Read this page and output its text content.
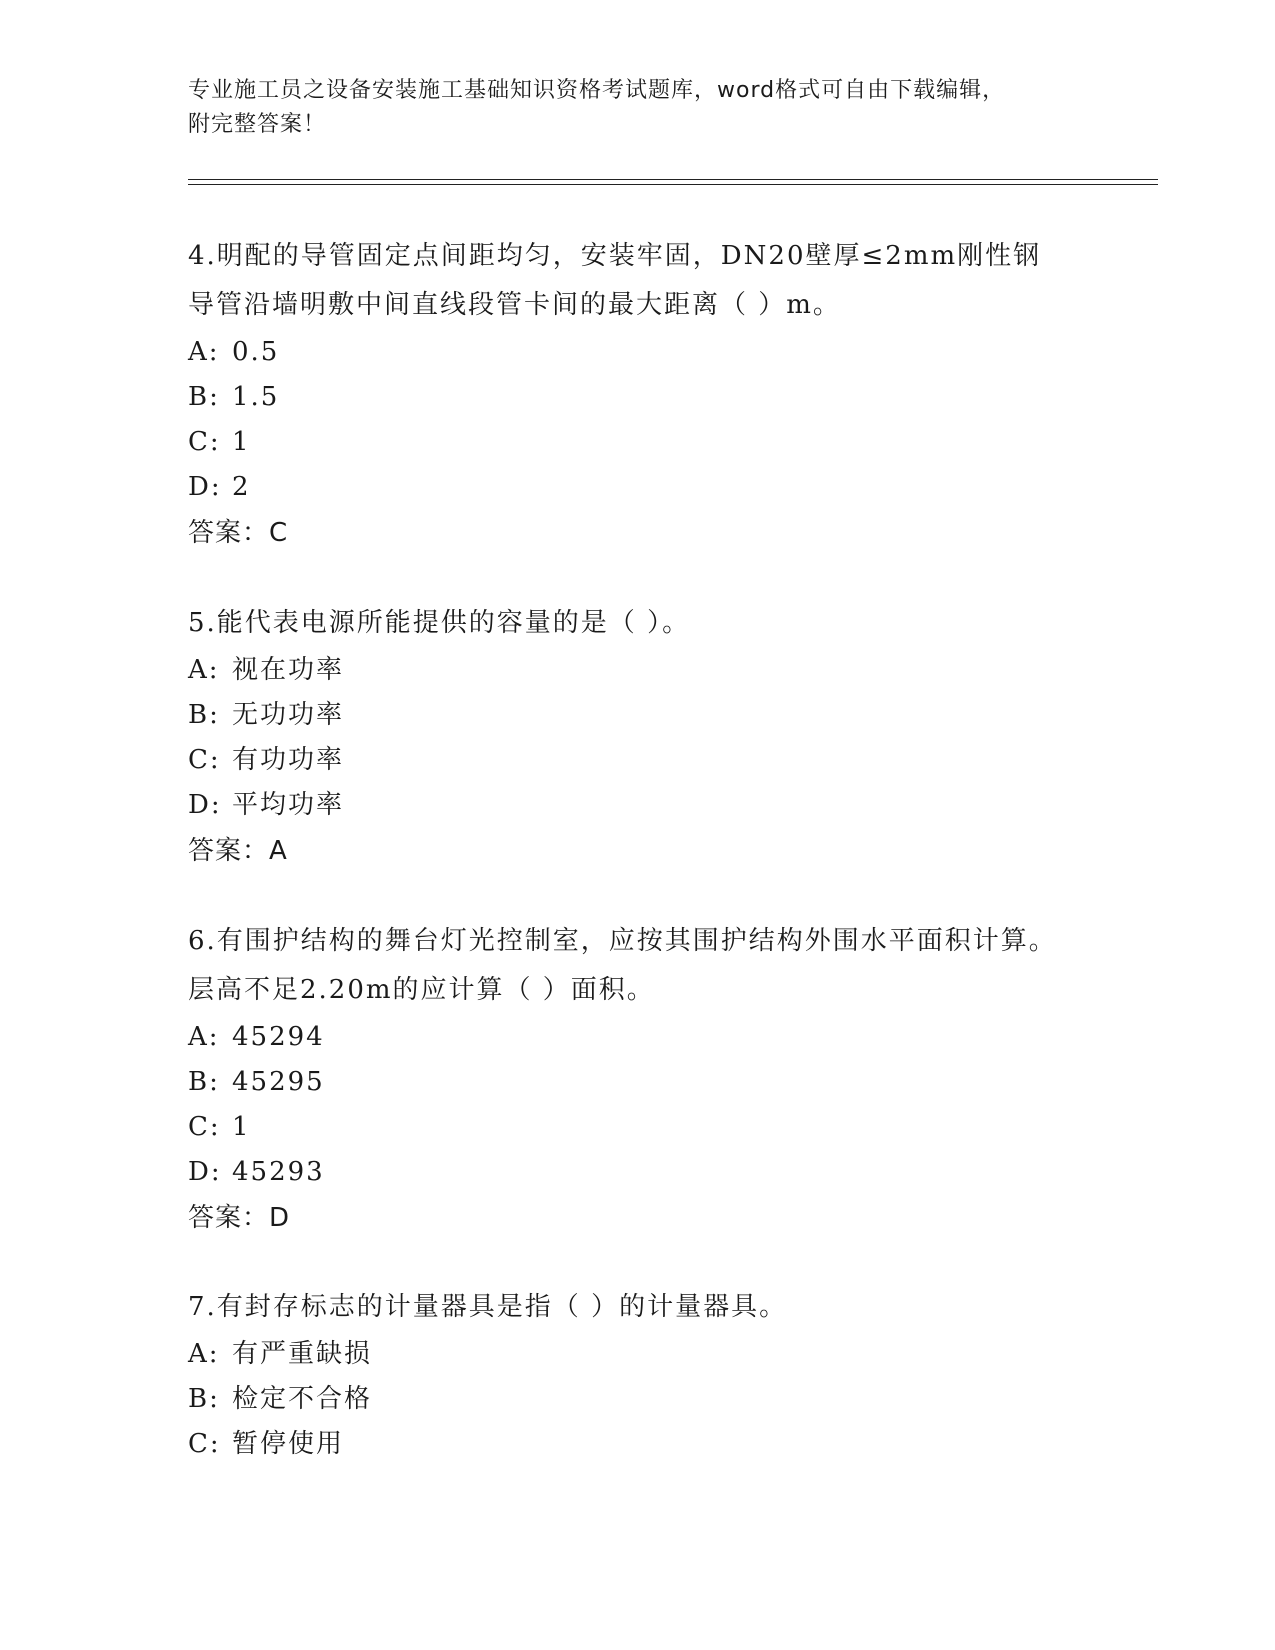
专业施工员之设备安装施工基础知识资格考试题库，word格式可自由下载编辑，
附完整答案！

4.明配的导管固定点间距均匀，安装牢固，DN20壁厚≤2mm刚性钢导管沿墙明敷中间直线段管卡间的最大距离（ ）m。

A: 0.5
B: 1.5
C: 1
D: 2

答案：C

5.能代表电源所能提供的容量的是（ ）。

A: 视在功率
B: 无功功率
C: 有功功率
D: 平均功率

答案：A

6.有围护结构的舞台灯光控制室，应按其围护结构外围水平面积计算。层高不足2.20m的应计算（ ）面积。

A: 45294
B: 45295
C: 1
D: 45293

答案：D

7.有封存标志的计量器具是指（ ）的计量器具。

A: 有严重缺损
B: 检定不合格
C: 暂停使用
